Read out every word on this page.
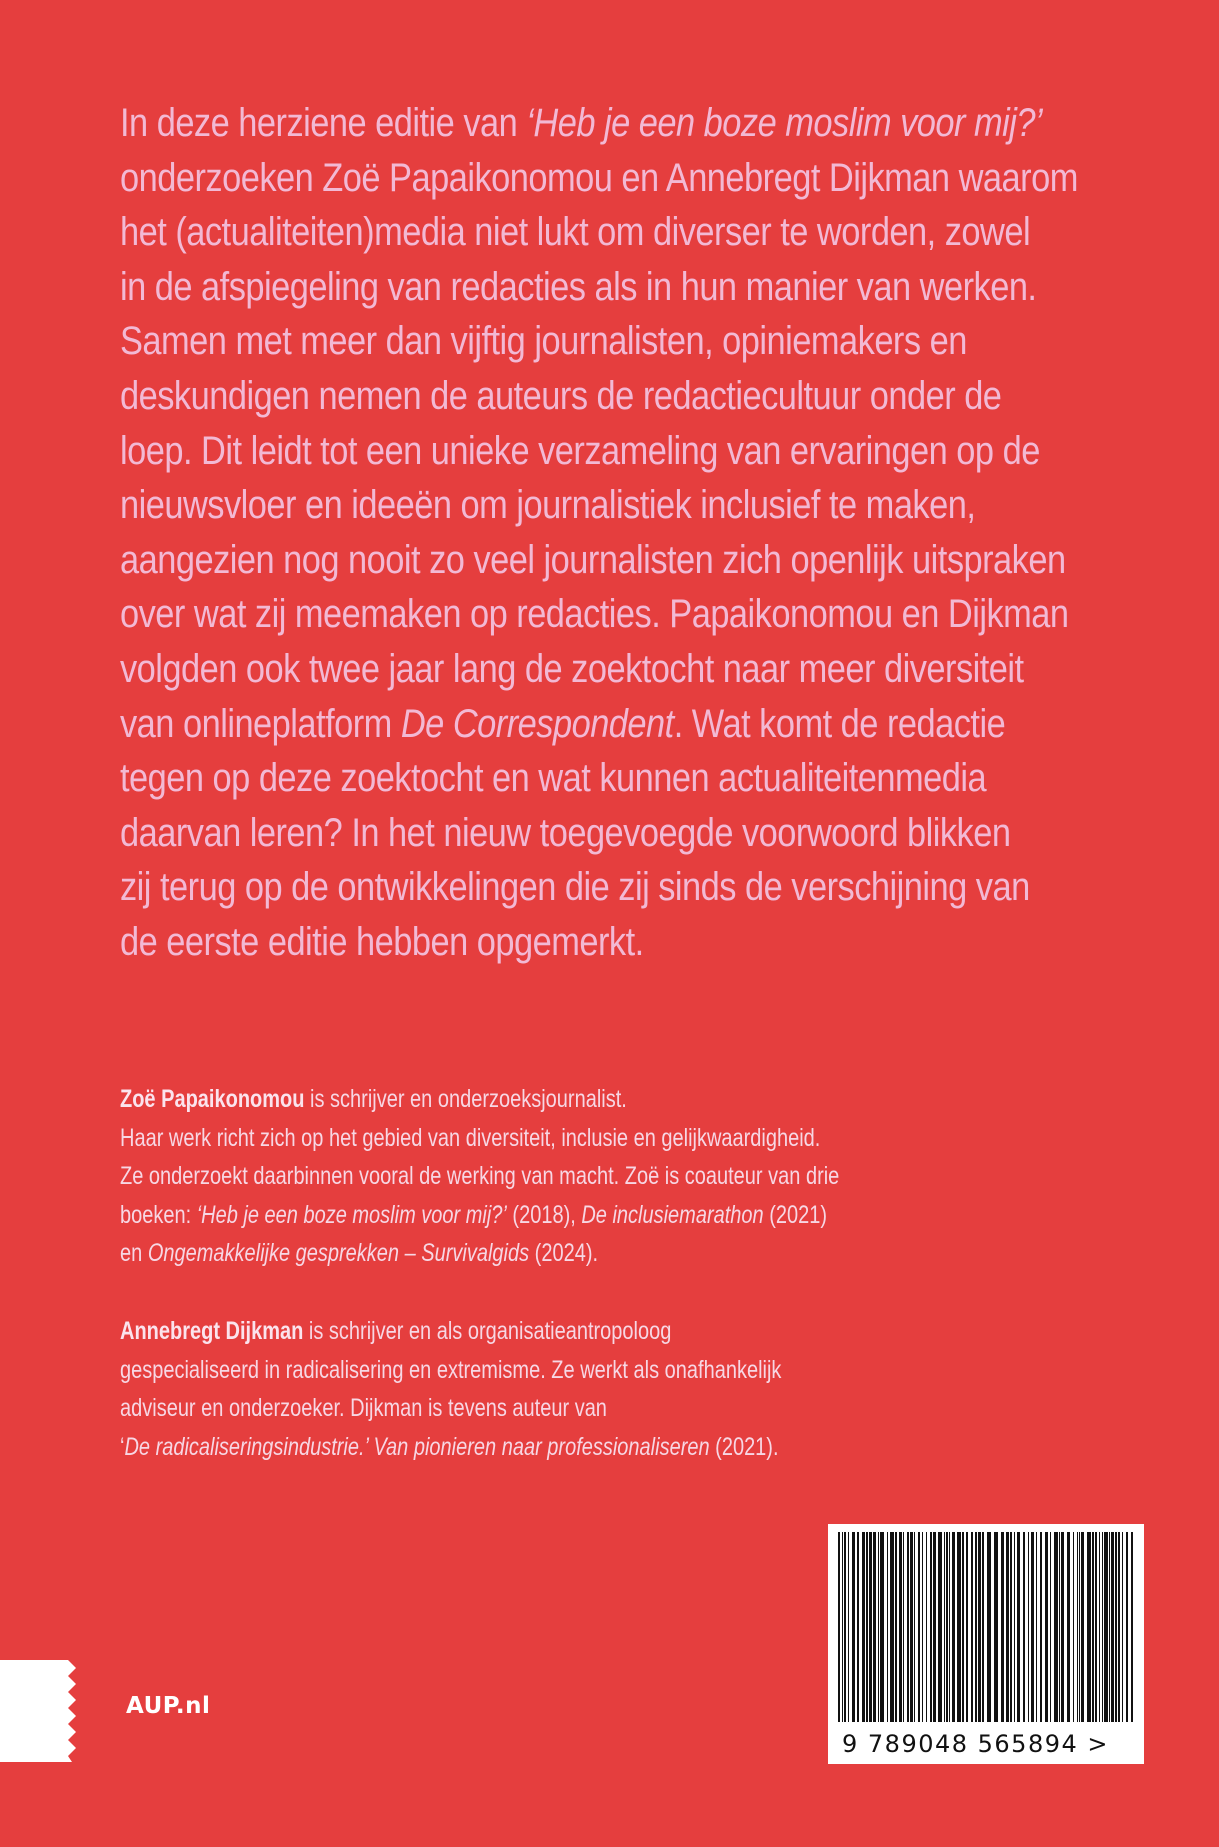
In deze herziene editie van ‘Heb je een boze moslim voor mij?’
onderzoeken Zoë Papaikonomou en Annebregt Dijkman waarom
het (actualiteiten)media niet lukt om diverser te worden, zowel
in de afspiegeling van redacties als in hun manier van werken.
Samen met meer dan vijftig journalisten, opiniemakers en
deskundigen nemen de auteurs de redactiecultuur onder de
loep. Dit leidt tot een unieke verzameling van ervaringen op de
nieuwsvloer en ideeën om journalistiek inclusief te maken,
aangezien nog nooit zo veel journalisten zich openlijk uitspraken
over wat zij meemaken op redacties. Papaikonomou en Dijkman
volgden ook twee jaar lang de zoektocht naar meer diversiteit
van onlineplatform De Correspondent. Wat komt de redactie
tegen op deze zoektocht en wat kunnen actualiteitenmedia
daarvan leren? In het nieuw toegevoegde voorwoord blikken
zij terug op de ontwikkelingen die zij sinds de verschijning van
de eerste editie hebben opgemerkt.
Zoë Papaikonomou is schrijver en onderzoeksjournalist.
Haar werk richt zich op het gebied van diversiteit, inclusie en gelijkwaardigheid.
Ze onderzoekt daarbinnen vooral de werking van macht. Zoë is coauteur van drie
boeken: ‘Heb je een boze moslim voor mij?’ (2018), De inclusiemarathon (2021)
en Ongemakkelijke gesprekken – Survivalgids (2024).
Annebregt Dijkman is schrijver en als organisatieantropoloog
gespecialiseerd in radicalisering en extremisme. Ze werkt als onafhankelijk
adviseur en onderzoeker. Dijkman is tevens auteur van
‘De radicaliseringsindustrie.’ Van pionieren naar professionaliseren (2021).
AUP.nl
9 789048 565894 >
